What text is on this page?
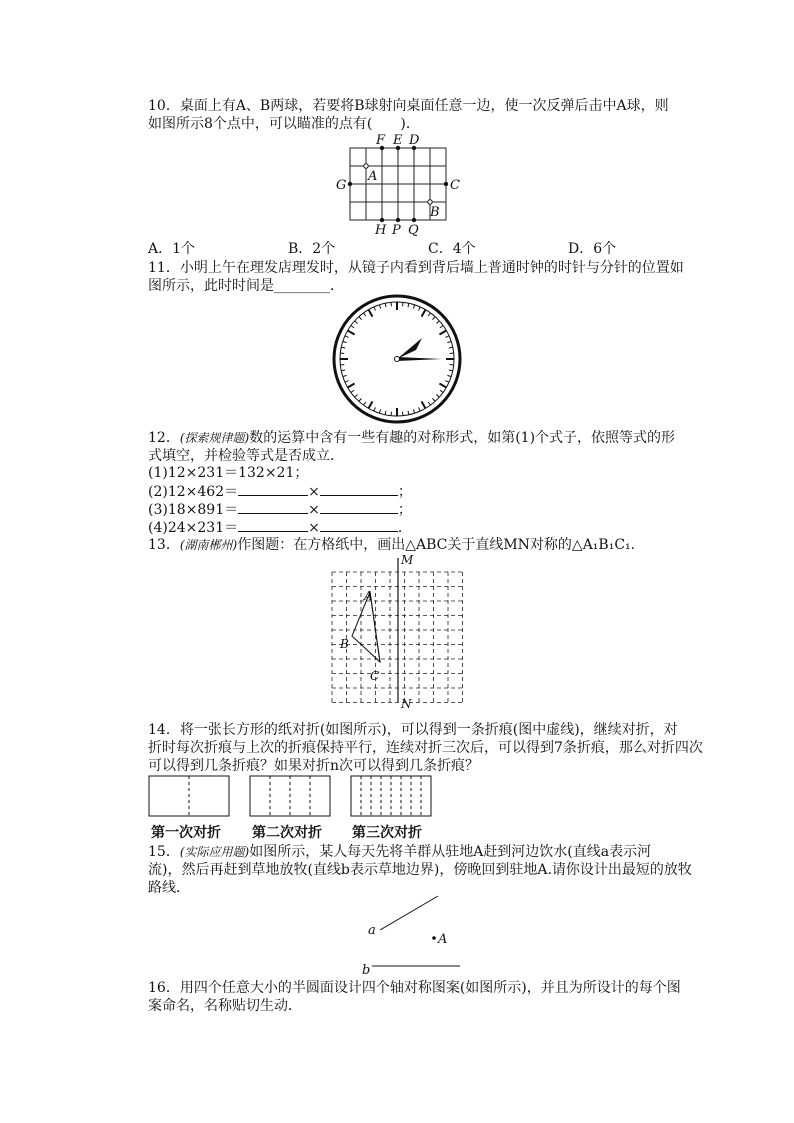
10．桌面上有A、B两球，若要将B球射向桌面任意一边，使一次反弹后击中A球，则
如图所示8个点中，可以瞄准的点有(　　)．
F E D
G
A
C
B
H P Q
A．1个	B．2个	C．4个	D．6个
11．小明上午在理发店理发时，从镜子内看到背后墙上普通时钟的时针与分针的位置如
图所示，此时时间是________．
12．(探索规律题)数的运算中含有一些有趣的对称形式，如第(1)个式子，依照等式的形
式填空，并检验等式是否成立．
(1)12×231＝132×21；
(2)12×462＝	×	；
(3)18×891＝	×	；
(4)24×231＝	×	．
13．(湖南郴州)作图题：在方格纸中，画出△ABC关于直线MN对称的△A₁B₁C₁.
M
N
A
B
C
14．将一张长方形的纸对折(如图所示)，可以得到一条折痕(图中虚线)，继续对折，对
折时每次折痕与上次的折痕保持平行，连续对折三次后，可以得到7条折痕，那么对折四次
可以得到几条折痕？如果对折n次可以得到几条折痕？
第一次对折 第二次对折 第三次对折
15．(实际应用题)如图所示，某人每天先将羊群从驻地A赶到河边饮水(直线a表示河
流)，然后再赶到草地放牧(直线b表示草地边界)，傍晚回到驻地A.请你设计出最短的放牧
路线．
a
A
b
16．用四个任意大小的半圆面设计四个轴对称图案(如图所示)，并且为所设计的每个图
案命名，名称贴切生动．
